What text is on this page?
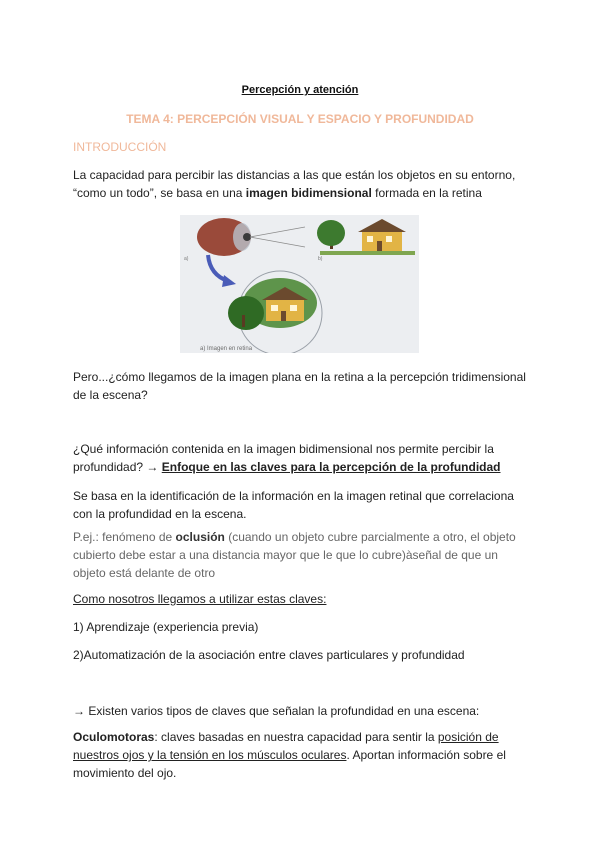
Percepción y atención
TEMA 4: PERCEPCIÓN VISUAL Y ESPACIO Y PROFUNDIDAD
INTRODUCCIÓN
La capacidad para percibir las distancias a las que están los objetos en su entorno, “como un todo”, se basa en una imagen bidimensional formada en la retina
a)	b)
a) Imagen en retina
Pero...¿cómo llegamos de la imagen plana en la retina a la percepción tridimensional de la escena?
¿Qué información contenida en la imagen bidimensional nos permite percibir la profundidad? → Enfoque en las claves para la percepción de la profundidad
Se basa en la identificación de la información en la imagen retinal que correlaciona con la profundidad en la escena.
P.ej.: fenómeno de oclusión (cuando un objeto cubre parcialmente a otro, el objeto cubierto debe estar a una distancia mayor que le que lo cubre)àseñal de que un objeto está delante de otro
Como nosotros llegamos a utilizar estas claves:
1) Aprendizaje (experiencia previa)
2)Automatización de la asociación entre claves particulares y profundidad
→ Existen varios tipos de claves que señalan la profundidad en una escena:
Oculomotoras: claves basadas en nuestra capacidad para sentir la posición de nuestros ojos y la tensión en los músculos oculares. Aportan información sobre el movimiento del ojo.
